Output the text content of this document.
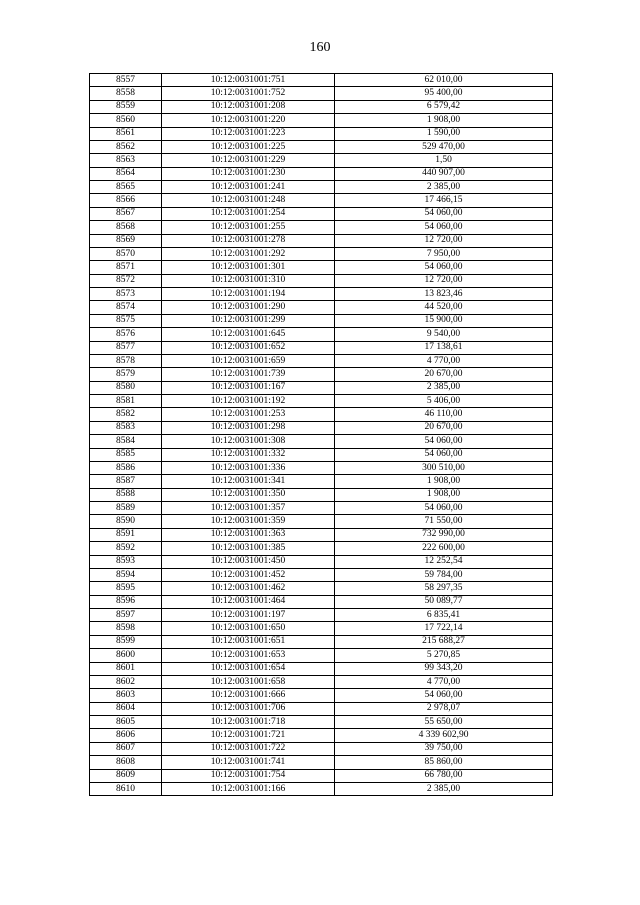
160
8557	10:12:0031001:751	62 010,00
8558	10:12:0031001:752	95 400,00
8559	10:12:0031001:208	6 579,42
8560	10:12:0031001:220	1 908,00
8561	10:12:0031001:223	1 590,00
8562	10:12:0031001:225	529 470,00
8563	10:12:0031001:229	1,50
8564	10:12:0031001:230	440 907,00
8565	10:12:0031001:241	2 385,00
8566	10:12:0031001:248	17 466,15
8567	10:12:0031001:254	54 060,00
8568	10:12:0031001:255	54 060,00
8569	10:12:0031001:278	12 720,00
8570	10:12:0031001:292	7 950,00
8571	10:12:0031001:301	54 060,00
8572	10:12:0031001:310	12 720,00
8573	10:12:0031001:194	13 823,46
8574	10:12:0031001:290	44 520,00
8575	10:12:0031001:299	15 900,00
8576	10:12:0031001:645	9 540,00
8577	10:12:0031001:652	17 138,61
8578	10:12:0031001:659	4 770,00
8579	10:12:0031001:739	20 670,00
8580	10:12:0031001:167	2 385,00
8581	10:12:0031001:192	5 406,00
8582	10:12:0031001:253	46 110,00
8583	10:12:0031001:298	20 670,00
8584	10:12:0031001:308	54 060,00
8585	10:12:0031001:332	54 060,00
8586	10:12:0031001:336	300 510,00
8587	10:12:0031001:341	1 908,00
8588	10:12:0031001:350	1 908,00
8589	10:12:0031001:357	54 060,00
8590	10:12:0031001:359	71 550,00
8591	10:12:0031001:363	732 990,00
8592	10:12:0031001:385	222 600,00
8593	10:12:0031001:450	12 252,54
8594	10:12:0031001:452	59 784,00
8595	10:12:0031001:462	58 297,35
8596	10:12:0031001:464	50 089,77
8597	10:12:0031001:197	6 835,41
8598	10:12:0031001:650	17 722,14
8599	10:12:0031001:651	215 688,27
8600	10:12:0031001:653	5 270,85
8601	10:12:0031001:654	99 343,20
8602	10:12:0031001:658	4 770,00
8603	10:12:0031001:666	54 060,00
8604	10:12:0031001:706	2 978,07
8605	10:12:0031001:718	55 650,00
8606	10:12:0031001:721	4 339 602,90
8607	10:12:0031001:722	39 750,00
8608	10:12:0031001:741	85 860,00
8609	10:12:0031001:754	66 780,00
8610	10:12:0031001:166	2 385,00
